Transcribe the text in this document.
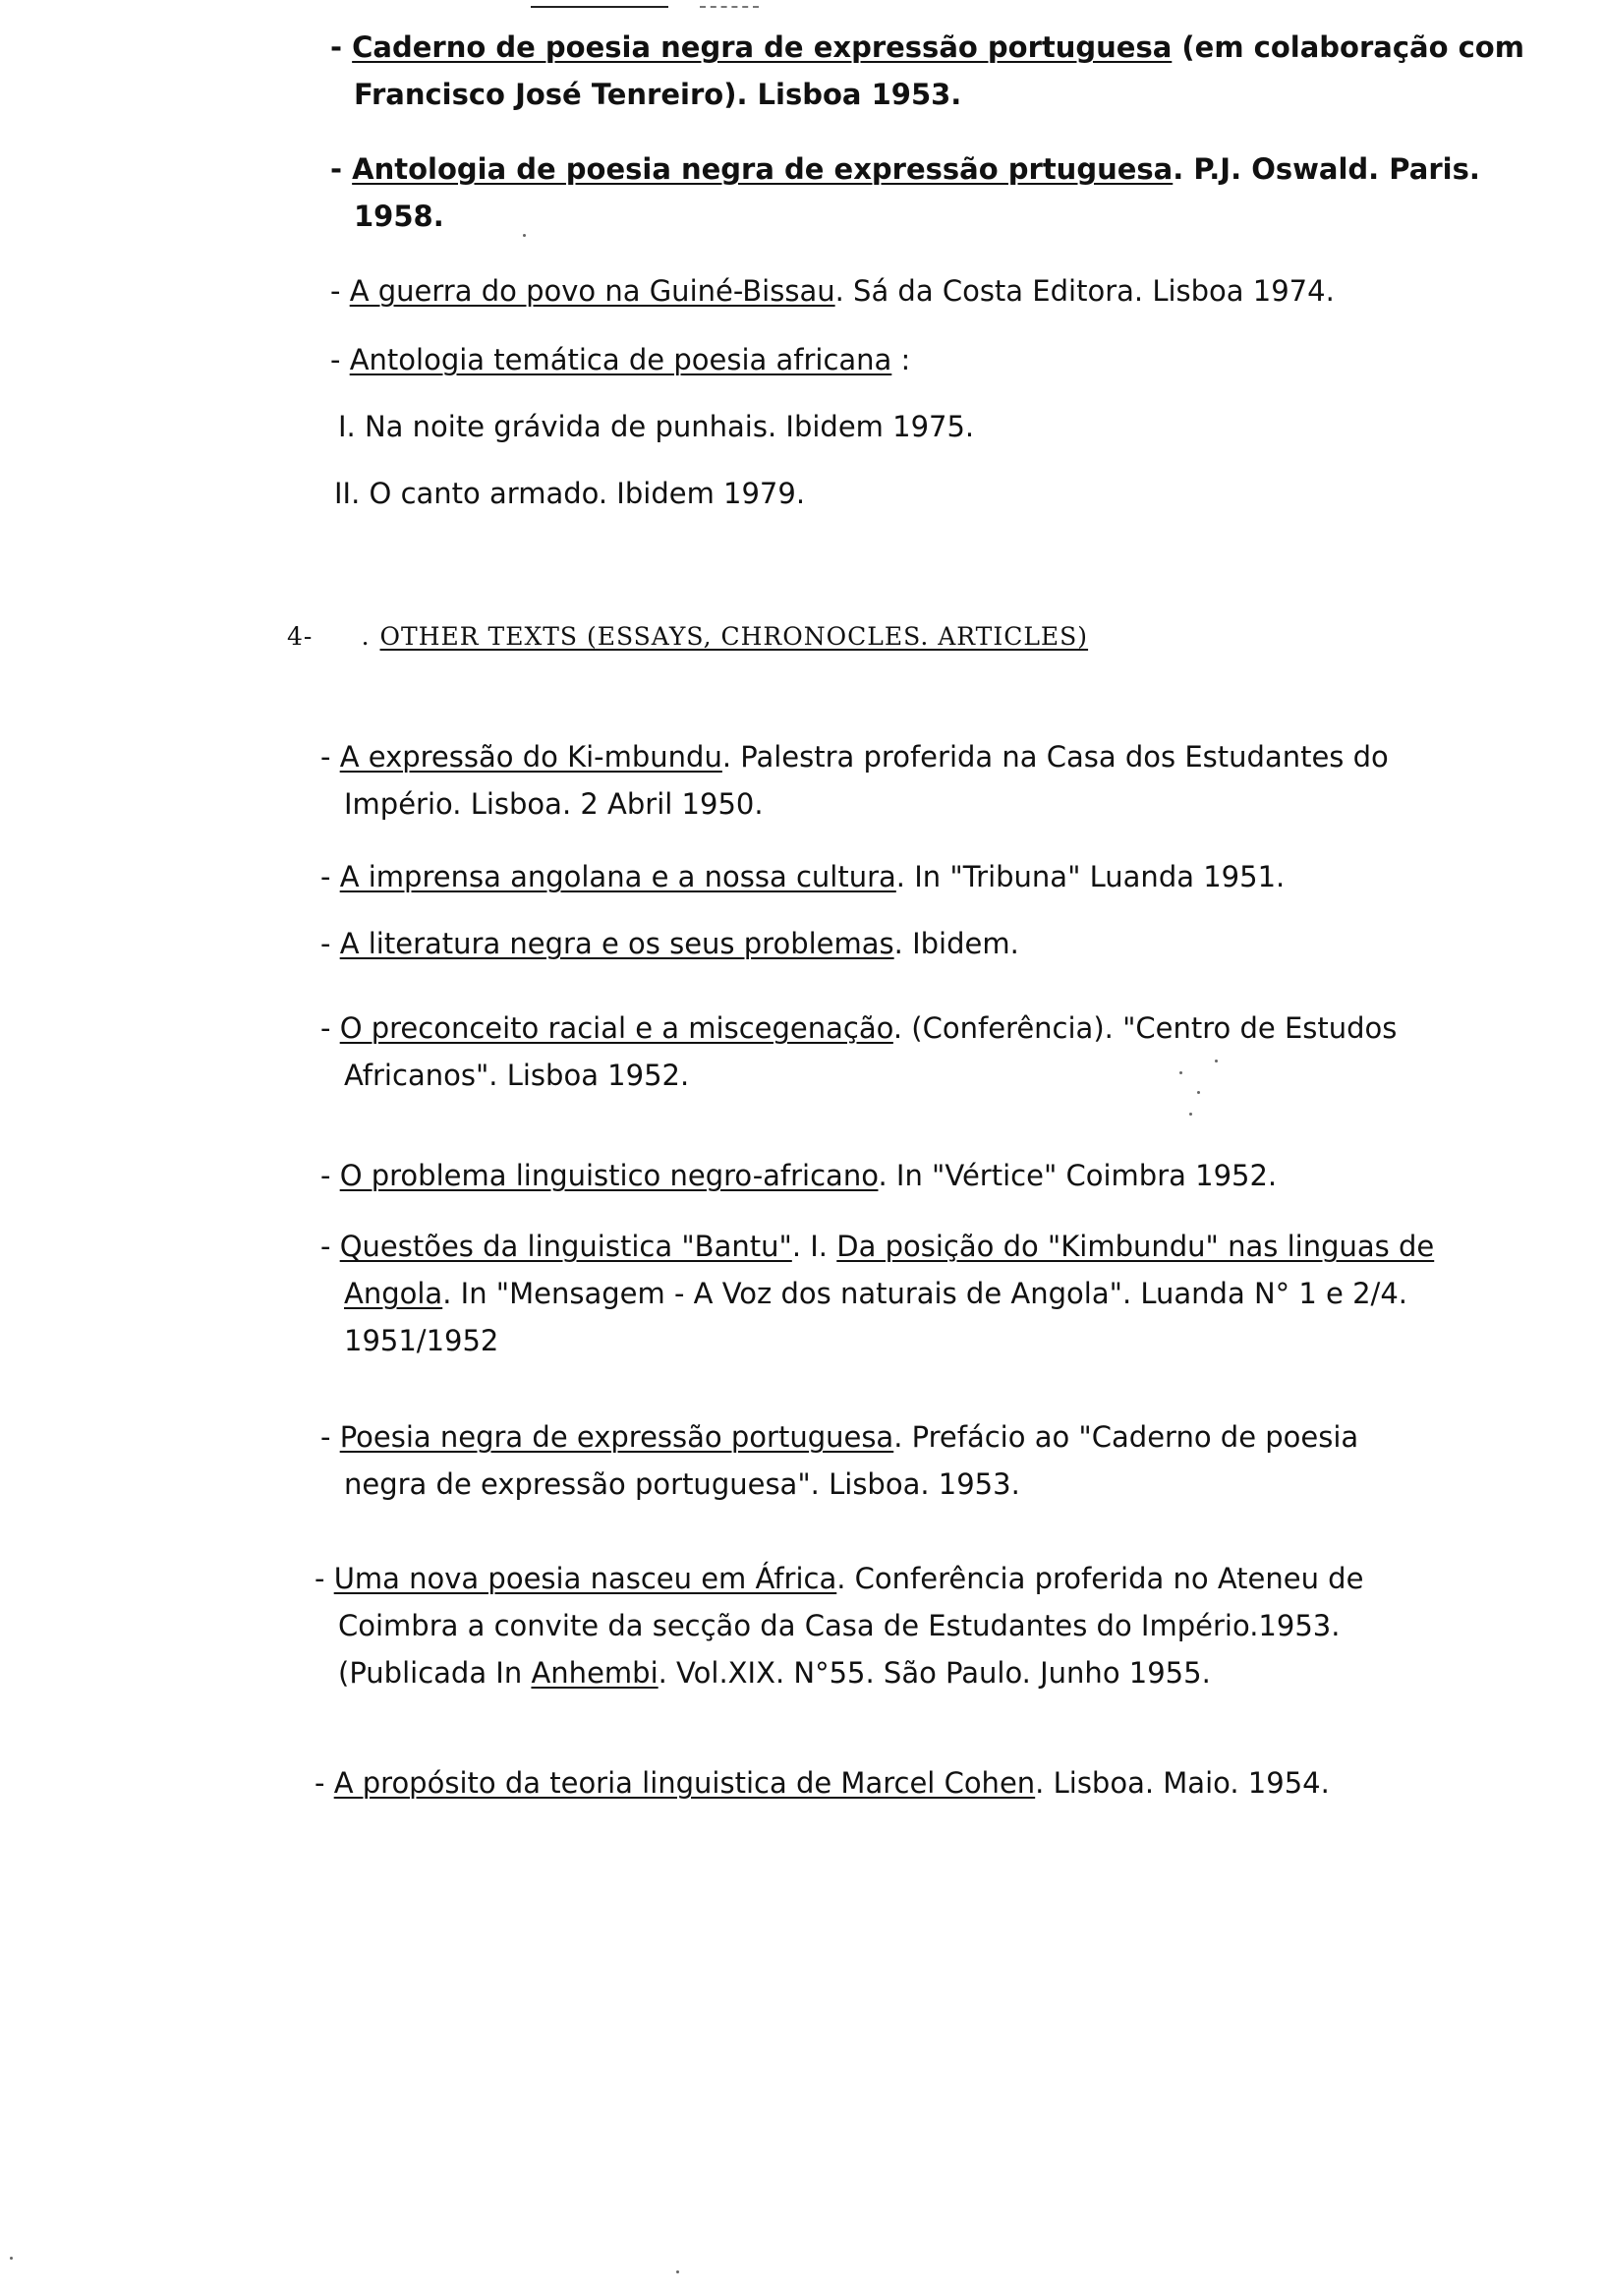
- Caderno de poesia negra de expressão portuguesa (em colaboração com
Francisco José Tenreiro). Lisboa 1953.
- Antologia de poesia negra de expressão prtuguesa. P.J. Oswald. Paris.
1958.
- A guerra do povo na Guiné-Bissau. Sá da Costa Editora. Lisboa 1974.
- Antologia temática de poesia africana :
I. Na noite grávida de punhais. Ibidem 1975.
II. O canto armado. Ibidem 1979.
4- . OTHER TEXTS (ESSAYS, CHRONOCLES. ARTICLES)
- A expressão do Ki-mbundu. Palestra proferida na Casa dos Estudantes do
Império. Lisboa. 2 Abril 1950.
- A imprensa angolana e a nossa cultura. In "Tribuna" Luanda 1951.
- A literatura negra e os seus problemas. Ibidem.
- O preconceito racial e a miscegenação. (Conferência). "Centro de Estudos
Africanos". Lisboa 1952.
- O problema linguistico negro-africano. In "Vértice" Coimbra 1952.
- Questões da linguistica "Bantu". I. Da posição do "Kimbundu" nas linguas de
Angola. In "Mensagem - A Voz dos naturais de Angola". Luanda N° 1 e 2/4.
1951/1952
- Poesia negra de expressão portuguesa. Prefácio ao "Caderno de poesia
negra de expressão portuguesa". Lisboa. 1953.
- Uma nova poesia nasceu em África. Conferência proferida no Ateneu de
Coimbra a convite da secção da Casa de Estudantes do Império.1953.
(Publicada In Anhembi. Vol.XIX. N°55. São Paulo. Junho 1955.
- A propósito da teoria linguistica de Marcel Cohen. Lisboa. Maio. 1954.
